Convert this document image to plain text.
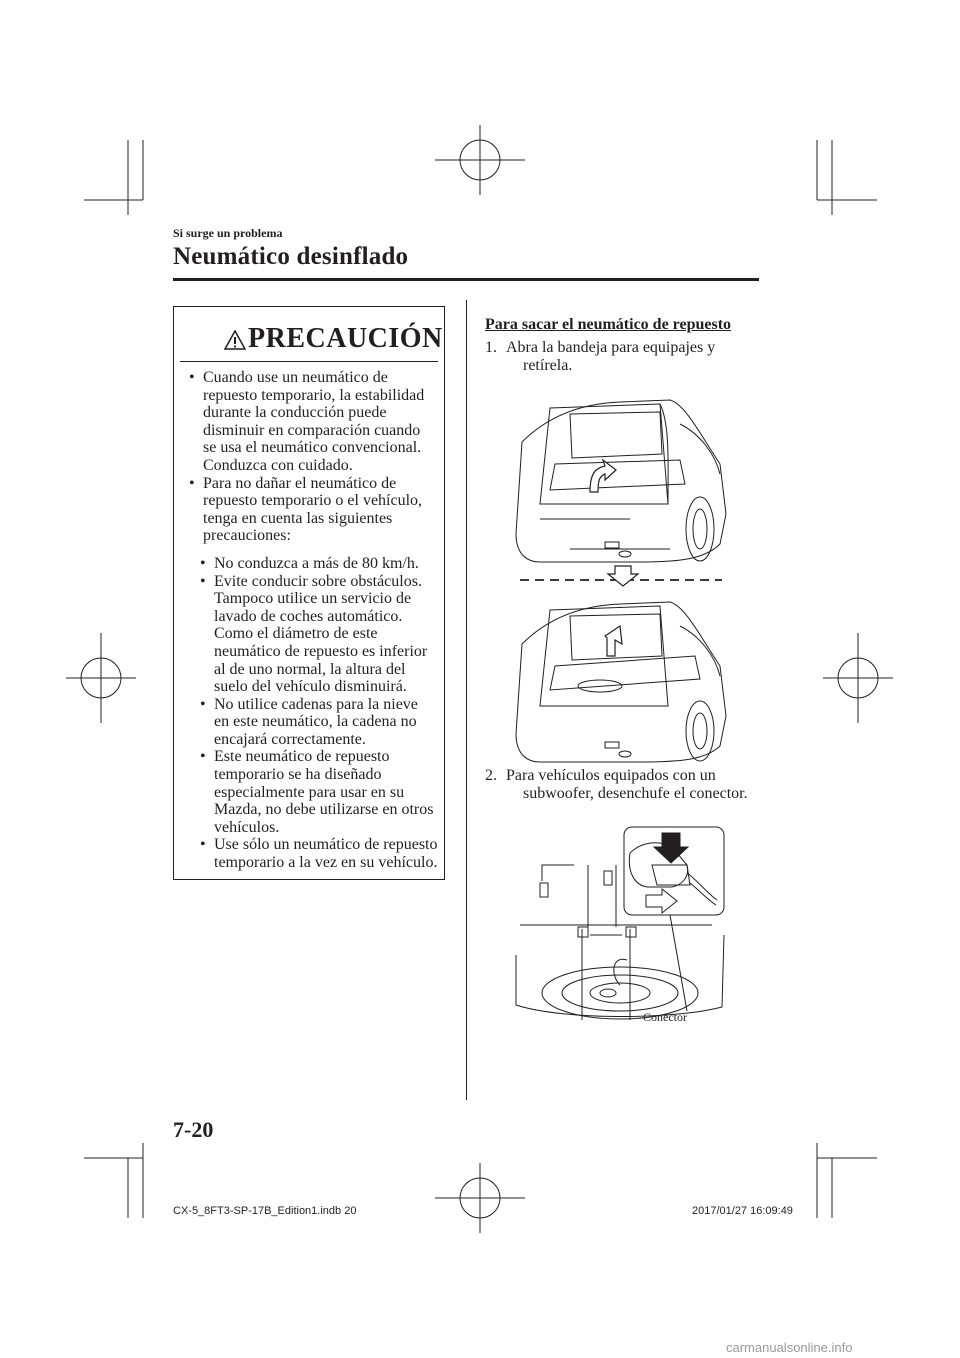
Si surge un problema
Neumático desinflado
PRECAUCIÓN
• Cuando use un neumático de
repuesto temporario, la estabilidad
durante la conducción puede
disminuir en comparación cuando
se usa el neumático convencional.
Conduzca con cuidado.
• Para no dañar el neumático de
repuesto temporario o el vehículo,
tenga en cuenta las siguientes
precauciones:
• No conduzca a más de 80 km/h.
• Evite conducir sobre obstáculos.
Tampoco utilice un servicio de
lavado de coches automático.
Como el diámetro de este
neumático de repuesto es inferior
al de uno normal, la altura del
suelo del vehículo disminuirá.
• No utilice cadenas para la nieve
en este neumático, la cadena no
encajará correctamente.
• Este neumático de repuesto
temporario se ha diseñado
especialmente para usar en su
Mazda, no debe utilizarse en otros
vehículos.
• Use sólo un neumático de repuesto
temporario a la vez en su vehículo.
Para sacar el neumático de repuesto
1. Abra la bandeja para equipajes y
retírela.
2. Para vehículos equipados con un
subwoofer, desenchufe el conector.
Conector
7-20
CX-5_8FT3-SP-17B_Edition1.indb 20	2017/01/27 16:09:49
carmanualsonline.info
